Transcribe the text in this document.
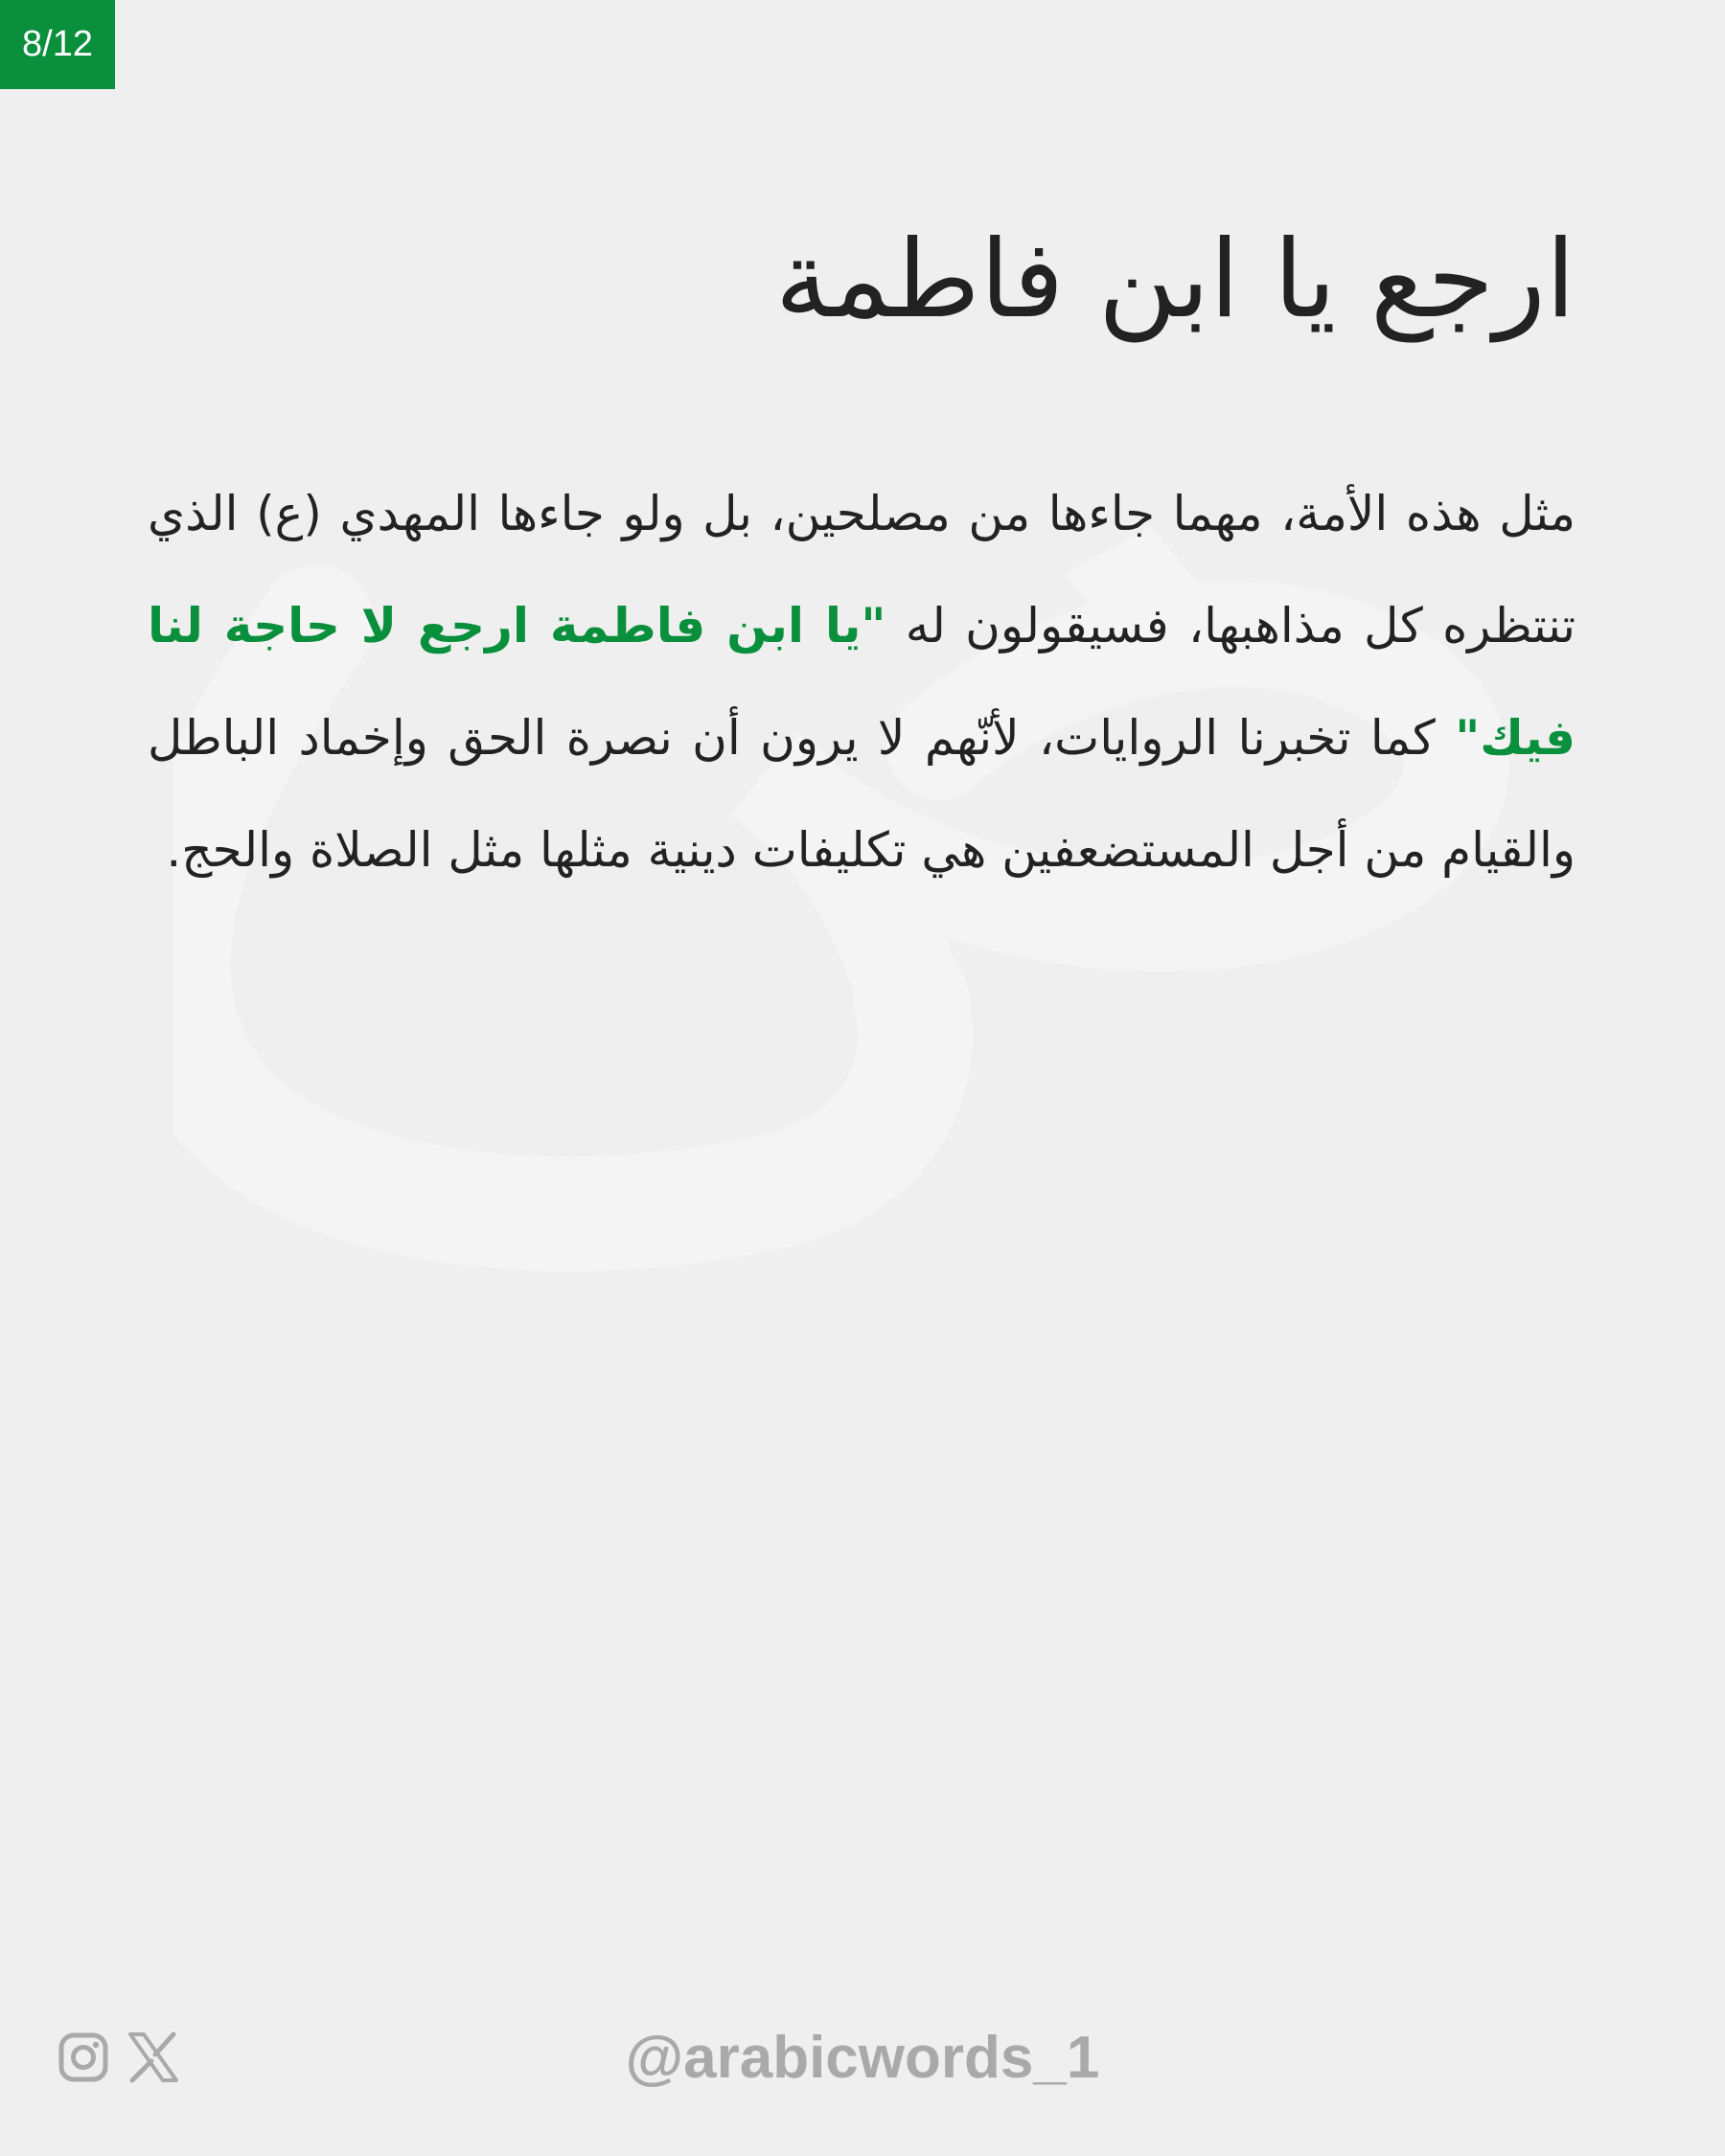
8/12
ارجع يا ابن فاطمة

مثل هذه الأمة، مهما جاءها من مصلحين، بل ولو جاءها المهدي (ع) الذي تنتظره كل مذاهبها، فسيقولون له "يا ابن فاطمة ارجع لا حاجة لنا فيك" كما تخبرنا الروايات، لأنّهم لا يرون أن نصرة الحق وإخماد الباطل والقيام من أجل المستضعفين هي تكليفات دينية مثلها مثل الصلاة والحج.

@arabicwords_1
